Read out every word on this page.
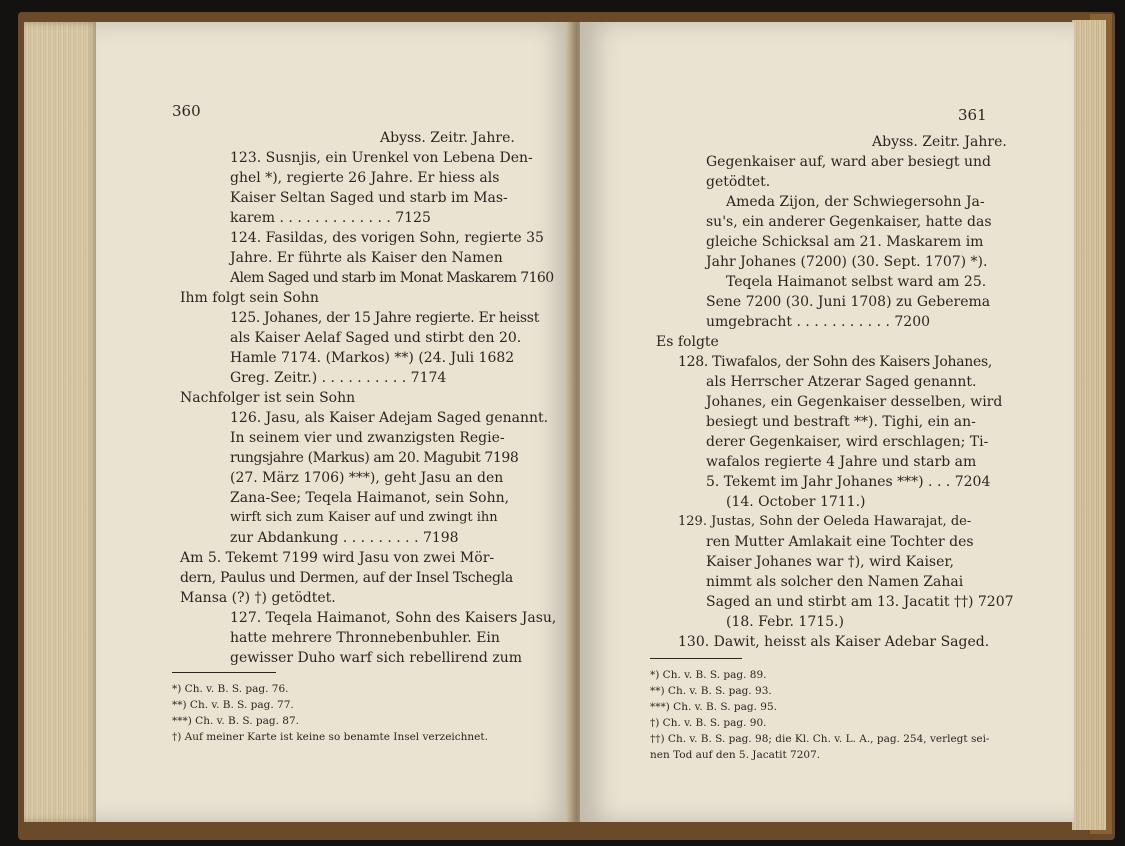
360
Abyss. Zeitr. Jahre.
123. Susnjis, ein Urenkel von Lebena Den-
ghel *), regierte 26 Jahre. Er hiess als
Kaiser Seltan Saged und starb im Mas-
karem . . . . . . . . . . . . . 7125
124. Fasildas, des vorigen Sohn, regierte 35
Jahre. Er führte als Kaiser den Namen
Alem Saged und starb im Monat Maskarem 7160
Ihm folgt sein Sohn
125. Johanes, der 15 Jahre regierte. Er heisst
als Kaiser Aelaf Saged und stirbt den 20.
Hamle 7174. (Markos) **) (24. Juli 1682
Greg. Zeitr.) . . . . . . . . . . 7174
Nachfolger ist sein Sohn
126. Jasu, als Kaiser Adejam Saged genannt.
In seinem vier und zwanzigsten Regie-
rungsjahre (Markus) am 20. Magubit 7198
(27. März 1706) ***), geht Jasu an den
Zana-See; Teqela Haimanot, sein Sohn,
wirft sich zum Kaiser auf und zwingt ihn
zur Abdankung . . . . . . . . . 7198
Am 5. Tekemt 7199 wird Jasu von zwei Mör-
dern, Paulus und Dermen, auf der Insel Tschegla
Mansa (?) †) getödtet.
127. Teqela Haimanot, Sohn des Kaisers Jasu,
hatte mehrere Thronnebenbuhler. Ein
gewisser Duho warf sich rebellirend zum
*) Ch. v. B. S. pag. 76.
**) Ch. v. B. S. pag. 77.
***) Ch. v. B. S. pag. 87.
†) Auf meiner Karte ist keine so benamte Insel verzeichnet.
361
Abyss. Zeitr. Jahre.
Gegenkaiser auf, ward aber besiegt und
getödtet.
Ameda Zijon, der Schwiegersohn Ja-
su's, ein anderer Gegenkaiser, hatte das
gleiche Schicksal am 21. Maskarem im
Jahr Johanes (7200) (30. Sept. 1707) *).
Teqela Haimanot selbst ward am 25.
Sene 7200 (30. Juni 1708) zu Geberema
umgebracht . . . . . . . . . . . 7200
Es folgte
128. Tiwafalos, der Sohn des Kaisers Johanes,
als Herrscher Atzerar Saged genannt.
Johanes, ein Gegenkaiser desselben, wird
besiegt und bestraft **). Tighi, ein an-
derer Gegenkaiser, wird erschlagen; Ti-
wafalos regierte 4 Jahre und starb am
5. Tekemt im Jahr Johanes ***) . . . 7204
(14. October 1711.)
129. Justas, Sohn der Oeleda Hawarajat, de-
ren Mutter Amlakait eine Tochter des
Kaiser Johanes war †), wird Kaiser,
nimmt als solcher den Namen Zahai
Saged an und stirbt am 13. Jacatit ††) 7207
(18. Febr. 1715.)
130. Dawit, heisst als Kaiser Adebar Saged.
*) Ch. v. B. S. pag. 89.
**) Ch. v. B. S. pag. 93.
***) Ch. v. B. S. pag. 95.
†) Ch. v. B. S. pag. 90.
††) Ch. v. B. S. pag. 98; die Kl. Ch. v. L. A., pag. 254, verlegt sei-
nen Tod auf den 5. Jacatit 7207.
